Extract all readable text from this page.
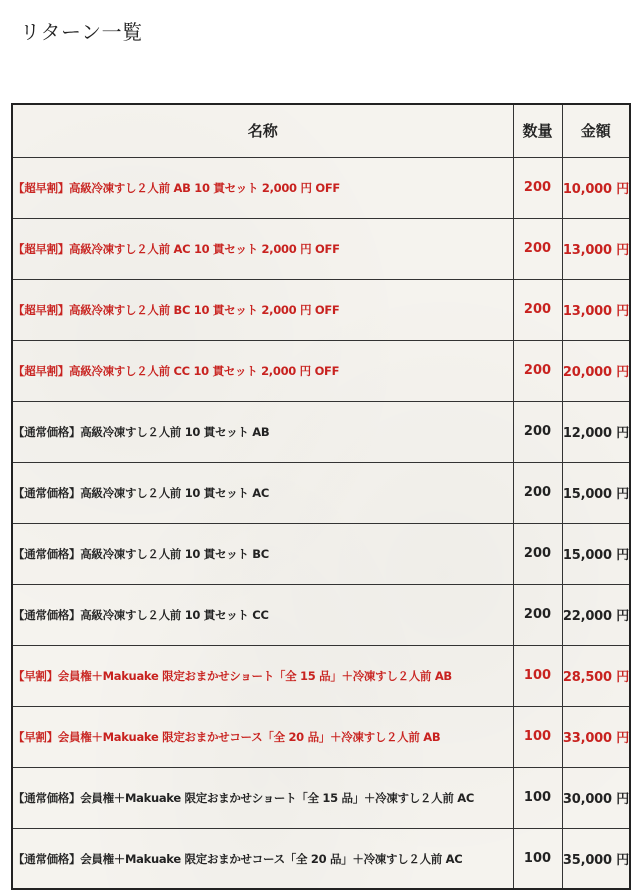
リターン一覧
名称	数量	金額
【超早割】高級冷凍すし２人前 AB 10 貫セット 2,000 円 OFF	200	10,000 円
【超早割】高級冷凍すし２人前 AC 10 貫セット 2,000 円 OFF	200	13,000 円
【超早割】高級冷凍すし２人前 BC 10 貫セット 2,000 円 OFF	200	13,000 円
【超早割】高級冷凍すし２人前 CC 10 貫セット 2,000 円 OFF	200	20,000 円
【通常価格】高級冷凍すし２人前 10 貫セット AB	200	12,000 円
【通常価格】高級冷凍すし２人前 10 貫セット AC	200	15,000 円
【通常価格】高級冷凍すし２人前 10 貫セット BC	200	15,000 円
【通常価格】高級冷凍すし２人前 10 貫セット CC	200	22,000 円
【早割】会員権＋Makuake 限定おまかせショート「全 15 品」＋冷凍すし２人前 AB	100	28,500 円
【早割】会員権＋Makuake 限定おまかせコース「全 20 品」＋冷凍すし２人前 AB	100	33,000 円
【通常価格】会員権＋Makuake 限定おまかせショート「全 15 品」＋冷凍すし２人前 AC	100	30,000 円
【通常価格】会員権＋Makuake 限定おまかせコース「全 20 品」＋冷凍すし２人前 AC	100	35,000 円
